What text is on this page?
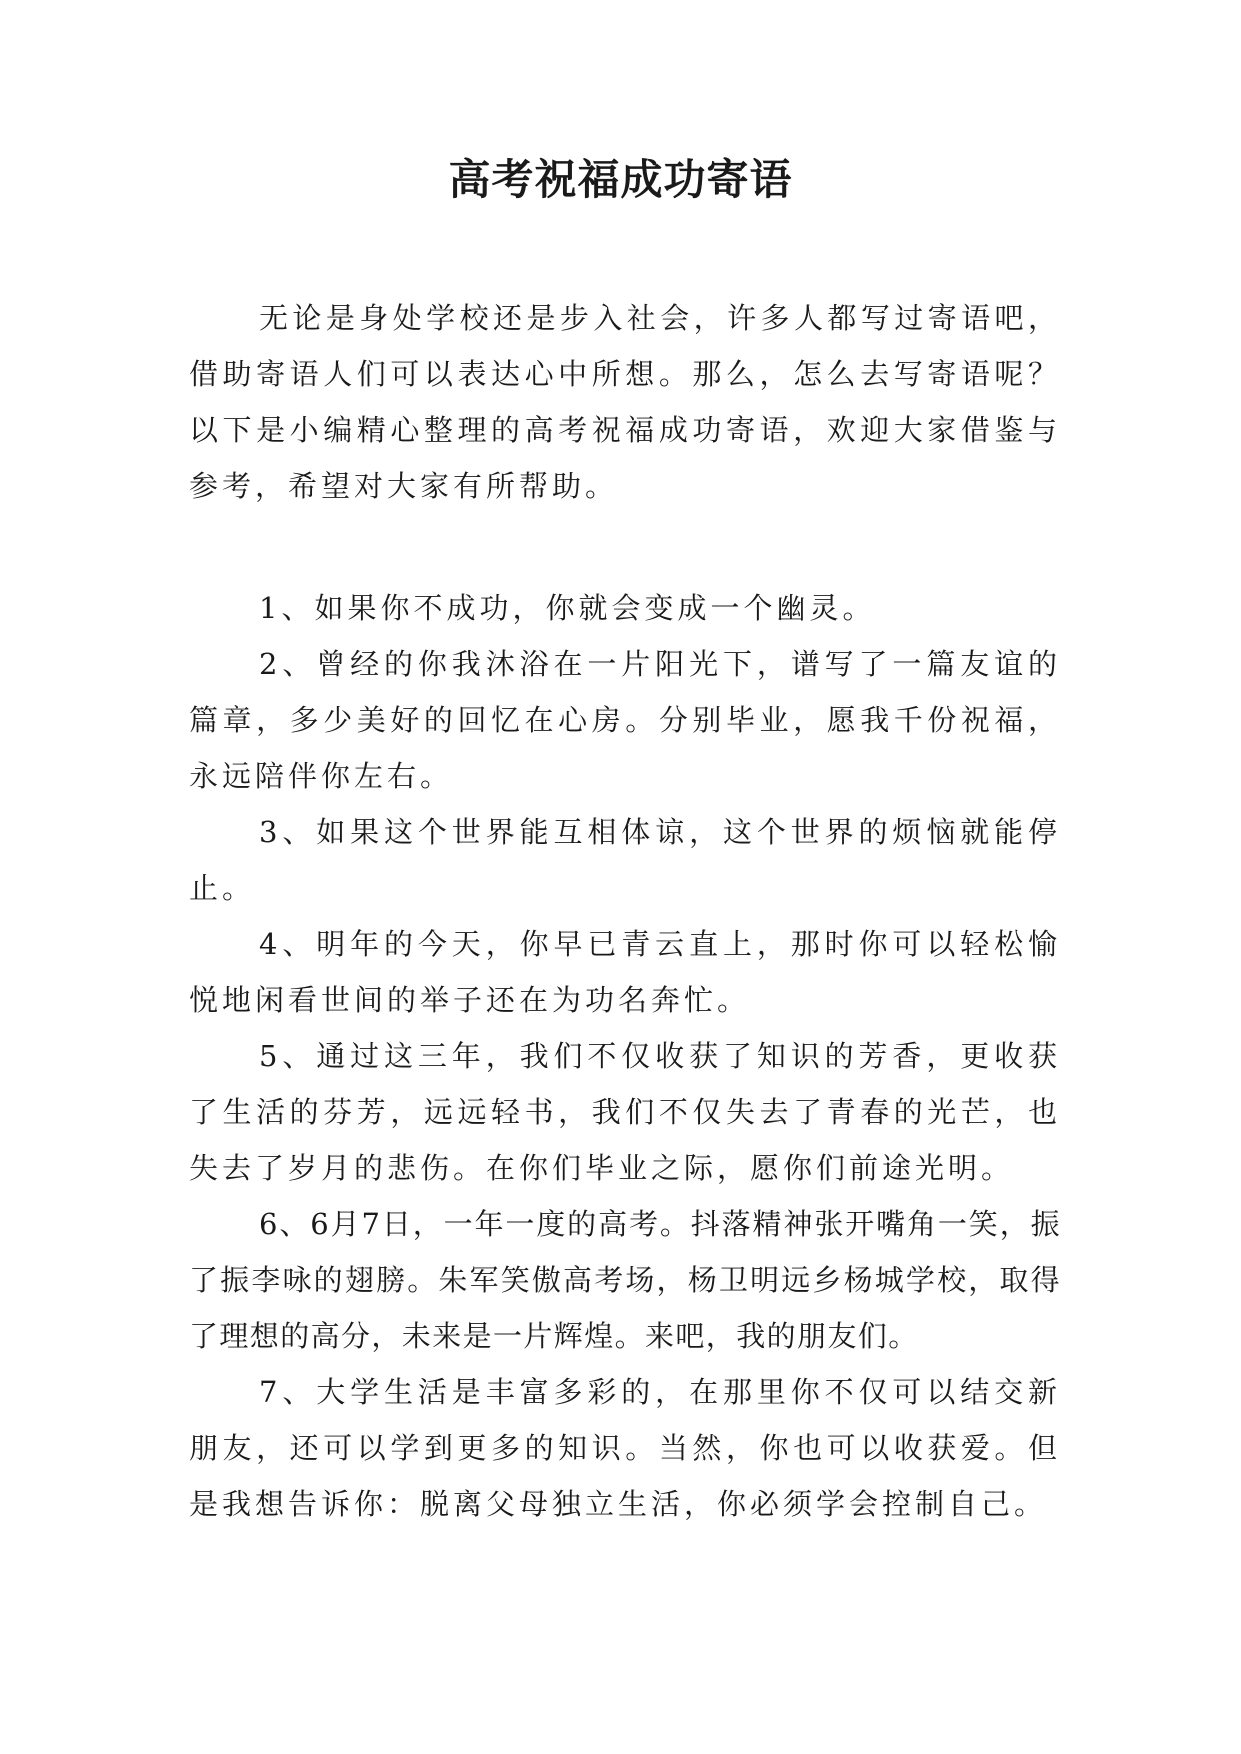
高考祝福成功寄语

无论是身处学校还是步入社会，许多人都写过寄语吧，借助寄语人们可以表达心中所想。那么，怎么去写寄语呢？以下是小编精心整理的高考祝福成功寄语，欢迎大家借鉴与参考，希望对大家有所帮助。

1、如果你不成功，你就会变成一个幽灵。

2、曾经的你我沐浴在一片阳光下，谱写了一篇友谊的篇章，多少美好的回忆在心房。分别毕业，愿我千份祝福，永远陪伴你左右。

3、如果这个世界能互相体谅，这个世界的烦恼就能停止。

4、明年的今天，你早已青云直上，那时你可以轻松愉悦地闲看世间的举子还在为功名奔忙。

5、通过这三年，我们不仅收获了知识的芳香，更收获了生活的芬芳，远远轻书，我们不仅失去了青春的光芒，也失去了岁月的悲伤。在你们毕业之际，愿你们前途光明。

6、6月7日，一年一度的高考。抖落精神张开嘴角一笑，振了振李咏的翅膀。朱军笑傲高考场，杨卫明远乡杨城学校，取得了理想的高分，未来是一片辉煌。来吧，我的朋友们。

7、大学生活是丰富多彩的，在那里你不仅可以结交新朋友，还可以学到更多的知识。当然，你也可以收获爱。但是我想告诉你：脱离父母独立生活，你必须学会控制自己。
